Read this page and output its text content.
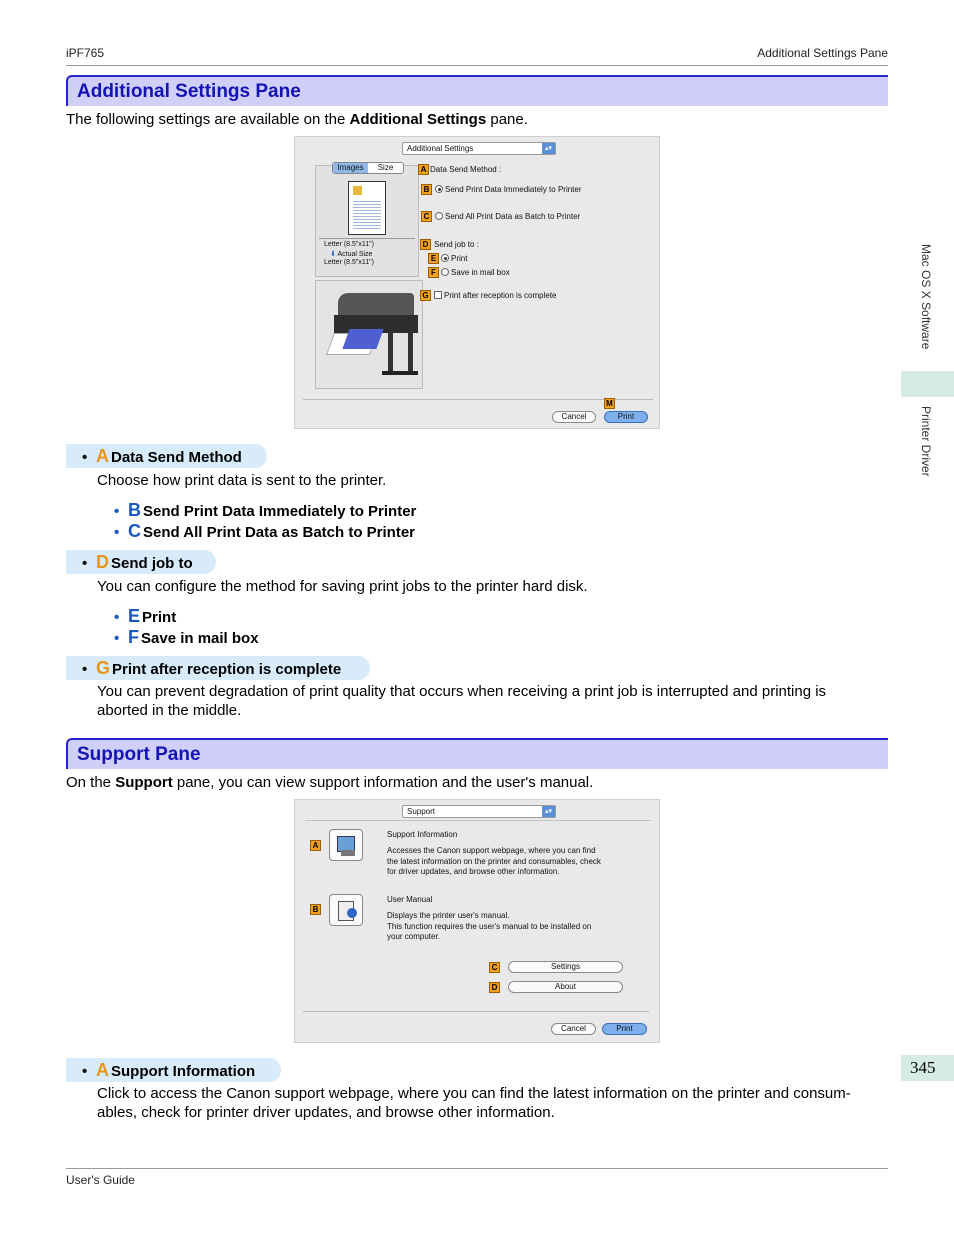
iPF765	Additional Settings Pane
Mac OS X Software
Printer Driver
345
Additional Settings Pane
The following settings are available on the Additional Settings pane.
Additional Settings	▴▾
Images	Size
Letter (8.5"x11")
⬇ Actual Size
Letter (8.5"x11")
A Data Send Method :
B	Send Print Data Immediately to Printer
C	Send All Print Data as Batch to Printer
D Send job to :
E	Print
F	Save in mail box
G	Print after reception is complete
M
Cancel	Print
• A Data Send Method
Choose how print data is sent to the printer.
• B Send Print Data Immediately to Printer
• C Send All Print Data as Batch to Printer
• D Send job to
You can configure the method for saving print jobs to the printer hard disk.
• E Print
• F Save in mail box
• G Print after reception is complete
You can prevent degradation of print quality that occurs when receiving a print job is interrupted and printing is
aborted in the middle.
Support Pane
On the Support pane, you can view support information and the user's manual.
Support	▴▾
A
Support Information
Accesses the Canon support webpage, where you can find
the latest information on the printer and consumables, check
for driver updates, and browse other information.
B
User Manual
Displays the printer user's manual.
This function requires the user's manual to be installed on
your computer.
C	Settings
D	About
Cancel	Print
• A Support Information
Click to access the Canon support webpage, where you can find the latest information on the printer and consum-
ables, check for printer driver updates, and browse other information.
User's Guide
